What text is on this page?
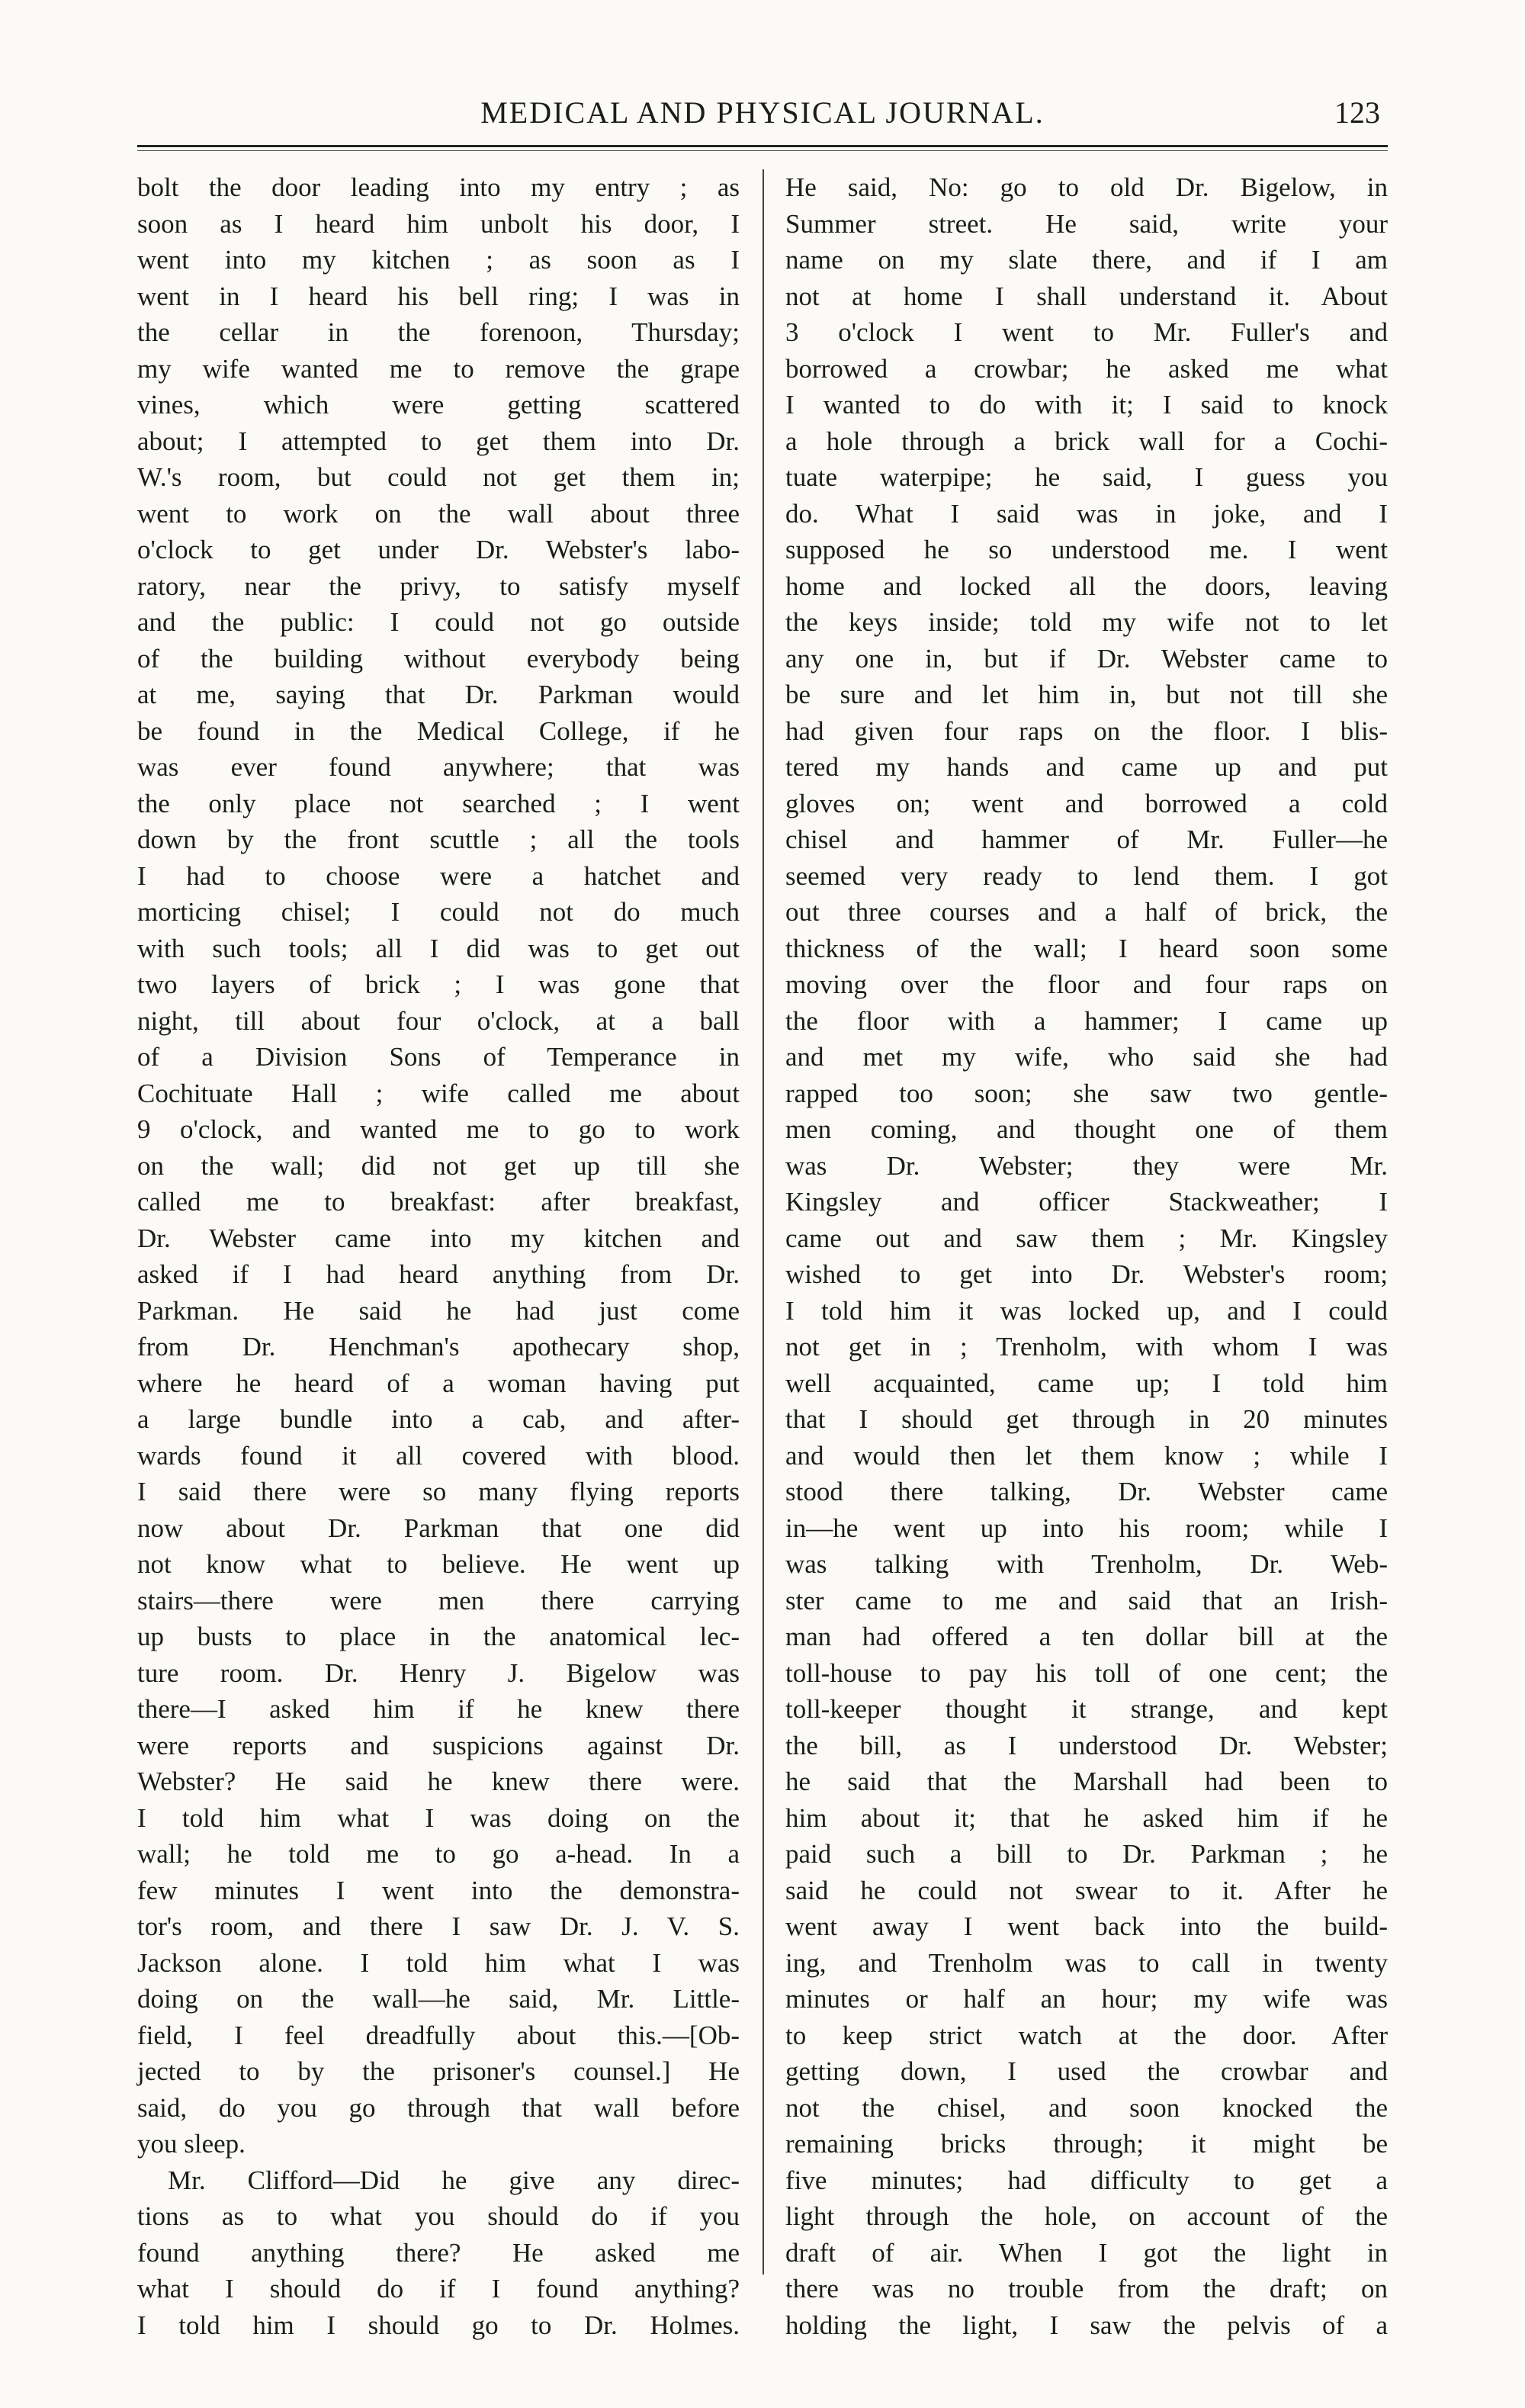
MEDICAL AND PHYSICAL JOURNAL.	123
bolt the door leading into my entry ; as
soon as I heard him unbolt his door, I
went into my kitchen ; as soon as I
went in I heard his bell ring; I was in
the cellar in the forenoon, Thursday;
my wife wanted me to remove the grape
vines, which were getting scattered
about; I attempted to get them into Dr.
W.'s room, but could not get them in;
went to work on the wall about three
o'clock to get under Dr. Webster's labo-
ratory, near the privy, to satisfy myself
and the public: I could not go outside
of the building without everybody being
at me, saying that Dr. Parkman would
be found in the Medical College, if he
was ever found anywhere; that was
the only place not searched ; I went
down by the front scuttle ; all the tools
I had to choose were a hatchet and
morticing chisel; I could not do much
with such tools; all I did was to get out
two layers of brick ; I was gone that
night, till about four o'clock, at a ball
of a Division Sons of Temperance in
Cochituate Hall ; wife called me about
9 o'clock, and wanted me to go to work
on the wall; did not get up till she
called me to breakfast: after breakfast,
Dr. Webster came into my kitchen and
asked if I had heard anything from Dr.
Parkman. He said he had just come
from Dr. Henchman's apothecary shop,
where he heard of a woman having put
a large bundle into a cab, and after-
wards found it all covered with blood.
I said there were so many flying reports
now about Dr. Parkman that one did
not know what to believe. He went up
stairs—there were men there carrying
up busts to place in the anatomical lec-
ture room. Dr. Henry J. Bigelow was
there—I asked him if he knew there
were reports and suspicions against Dr.
Webster? He said he knew there were.
I told him what I was doing on the
wall; he told me to go a-head. In a
few minutes I went into the demonstra-
tor's room, and there I saw Dr. J. V. S.
Jackson alone. I told him what I was
doing on the wall—he said, Mr. Little-
field, I feel dreadfully about this.—[Ob-
jected to by the prisoner's counsel.] He
said, do you go through that wall before
you sleep.
Mr. Clifford—Did he give any direc-
tions as to what you should do if you
found anything there? He asked me
what I should do if I found anything?
I told him I should go to Dr. Holmes.
He said, No: go to old Dr. Bigelow, in
Summer street. He said, write your
name on my slate there, and if I am
not at home I shall understand it. About
3 o'clock I went to Mr. Fuller's and
borrowed a crowbar; he asked me what
I wanted to do with it; I said to knock
a hole through a brick wall for a Cochi-
tuate waterpipe; he said, I guess you
do. What I said was in joke, and I
supposed he so understood me. I went
home and locked all the doors, leaving
the keys inside; told my wife not to let
any one in, but if Dr. Webster came to
be sure and let him in, but not till she
had given four raps on the floor. I blis-
tered my hands and came up and put
gloves on; went and borrowed a cold
chisel and hammer of Mr. Fuller—he
seemed very ready to lend them. I got
out three courses and a half of brick, the
thickness of the wall; I heard soon some
moving over the floor and four raps on
the floor with a hammer; I came up
and met my wife, who said she had
rapped too soon; she saw two gentle-
men coming, and thought one of them
was Dr. Webster; they were Mr.
Kingsley and officer Stackweather; I
came out and saw them ; Mr. Kingsley
wished to get into Dr. Webster's room;
I told him it was locked up, and I could
not get in ; Trenholm, with whom I was
well acquainted, came up; I told him
that I should get through in 20 minutes
and would then let them know ; while I
stood there talking, Dr. Webster came
in—he went up into his room; while I
was talking with Trenholm, Dr. Web-
ster came to me and said that an Irish-
man had offered a ten dollar bill at the
toll-house to pay his toll of one cent; the
toll-keeper thought it strange, and kept
the bill, as I understood Dr. Webster;
he said that the Marshall had been to
him about it; that he asked him if he
paid such a bill to Dr. Parkman ; he
said he could not swear to it. After he
went away I went back into the build-
ing, and Trenholm was to call in twenty
minutes or half an hour; my wife was
to keep strict watch at the door. After
getting down, I used the crowbar and
not the chisel, and soon knocked the
remaining bricks through; it might be
five minutes; had difficulty to get a
light through the hole, on account of the
draft of air. When I got the light in
there was no trouble from the draft; on
holding the light, I saw the pelvis of a
